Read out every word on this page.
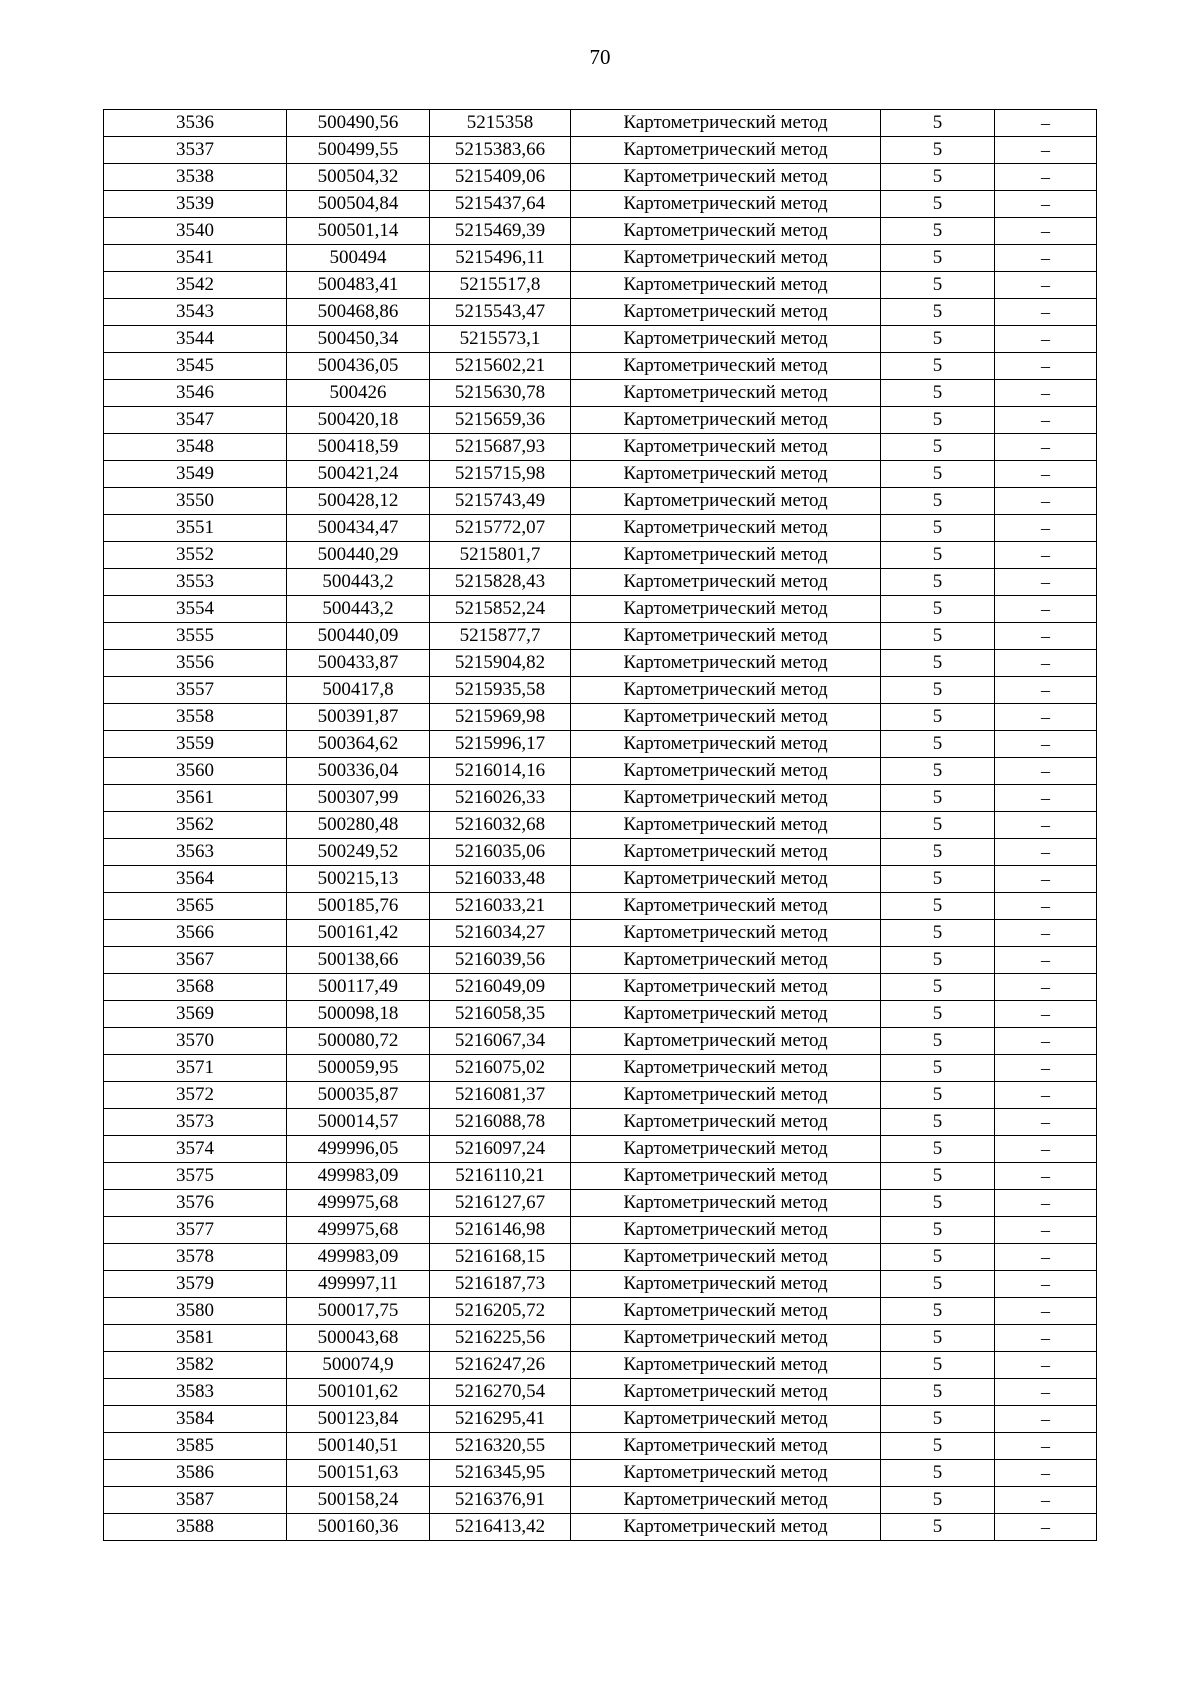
70
3536	500490,56	5215358	Картометрический метод	5	–
3537	500499,55	5215383,66	Картометрический метод	5	–
3538	500504,32	5215409,06	Картометрический метод	5	–
3539	500504,84	5215437,64	Картометрический метод	5	–
3540	500501,14	5215469,39	Картометрический метод	5	–
3541	500494	5215496,11	Картометрический метод	5	–
3542	500483,41	5215517,8	Картометрический метод	5	–
3543	500468,86	5215543,47	Картометрический метод	5	–
3544	500450,34	5215573,1	Картометрический метод	5	–
3545	500436,05	5215602,21	Картометрический метод	5	–
3546	500426	5215630,78	Картометрический метод	5	–
3547	500420,18	5215659,36	Картометрический метод	5	–
3548	500418,59	5215687,93	Картометрический метод	5	–
3549	500421,24	5215715,98	Картометрический метод	5	–
3550	500428,12	5215743,49	Картометрический метод	5	–
3551	500434,47	5215772,07	Картометрический метод	5	–
3552	500440,29	5215801,7	Картометрический метод	5	–
3553	500443,2	5215828,43	Картометрический метод	5	–
3554	500443,2	5215852,24	Картометрический метод	5	–
3555	500440,09	5215877,7	Картометрический метод	5	–
3556	500433,87	5215904,82	Картометрический метод	5	–
3557	500417,8	5215935,58	Картометрический метод	5	–
3558	500391,87	5215969,98	Картометрический метод	5	–
3559	500364,62	5215996,17	Картометрический метод	5	–
3560	500336,04	5216014,16	Картометрический метод	5	–
3561	500307,99	5216026,33	Картометрический метод	5	–
3562	500280,48	5216032,68	Картометрический метод	5	–
3563	500249,52	5216035,06	Картометрический метод	5	–
3564	500215,13	5216033,48	Картометрический метод	5	–
3565	500185,76	5216033,21	Картометрический метод	5	–
3566	500161,42	5216034,27	Картометрический метод	5	–
3567	500138,66	5216039,56	Картометрический метод	5	–
3568	500117,49	5216049,09	Картометрический метод	5	–
3569	500098,18	5216058,35	Картометрический метод	5	–
3570	500080,72	5216067,34	Картометрический метод	5	–
3571	500059,95	5216075,02	Картометрический метод	5	–
3572	500035,87	5216081,37	Картометрический метод	5	–
3573	500014,57	5216088,78	Картометрический метод	5	–
3574	499996,05	5216097,24	Картометрический метод	5	–
3575	499983,09	5216110,21	Картометрический метод	5	–
3576	499975,68	5216127,67	Картометрический метод	5	–
3577	499975,68	5216146,98	Картометрический метод	5	–
3578	499983,09	5216168,15	Картометрический метод	5	–
3579	499997,11	5216187,73	Картометрический метод	5	–
3580	500017,75	5216205,72	Картометрический метод	5	–
3581	500043,68	5216225,56	Картометрический метод	5	–
3582	500074,9	5216247,26	Картометрический метод	5	–
3583	500101,62	5216270,54	Картометрический метод	5	–
3584	500123,84	5216295,41	Картометрический метод	5	–
3585	500140,51	5216320,55	Картометрический метод	5	–
3586	500151,63	5216345,95	Картометрический метод	5	–
3587	500158,24	5216376,91	Картометрический метод	5	–
3588	500160,36	5216413,42	Картометрический метод	5	–
